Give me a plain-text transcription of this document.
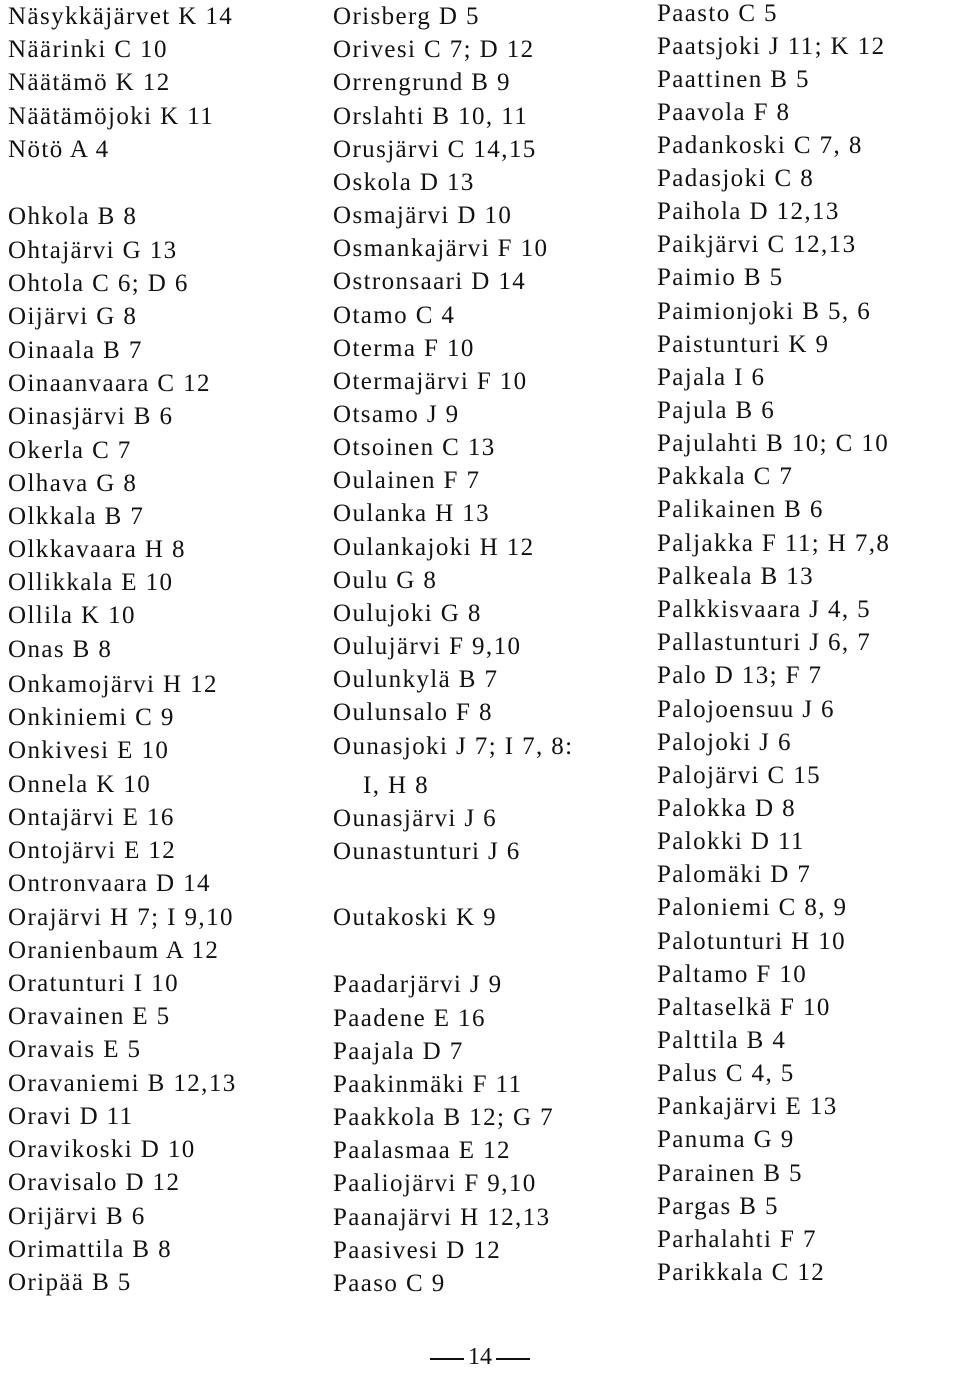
Näsykkäjärvet K 14
Näärinki C 10
Näätämö K 12
Näätämöjoki K 11
Nötö A 4
Ohkola B 8
Ohtajärvi G 13
Ohtola C 6; D 6
Oijärvi G 8
Oinaala B 7
Oinaanvaara C 12
Oinasjärvi B 6
Okerla C 7
Olhava G 8
Olkkala B 7
Olkkavaara H 8
Ollikkala E 10
Ollila K 10
Onas B 8
Onkamojärvi H 12
Onkiniemi C 9
Onkivesi E 10
Onnela K 10
Ontajärvi E 16
Ontojärvi E 12
Ontronvaara D 14
Orajärvi H 7; I 9,10
Oranienbaum A 12
Oratunturi I 10
Oravainen E 5
Oravais E 5
Oravaniemi B 12,13
Oravi D 11
Oravikoski D 10
Oravisalo D 12
Orijärvi B 6
Orimattila B 8
Oripää B 5
Orisberg D 5
Orivesi C 7; D 12
Orrengrund B 9
Orslahti B 10, 11
Orusjärvi C 14,15
Oskola D 13
Osmajärvi D 10
Osmankajärvi F 10
Ostronsaari D 14
Otamo C 4
Oterma F 10
Otermajärvi F 10
Otsamo J 9
Otsoinen C 13
Oulainen F 7
Oulanka H 13
Oulankajoki H 12
Oulu G 8
Oulujoki G 8
Oulujärvi F 9,10
Oulunkylä B 7
Oulunsalo F 8
Ounasjoki J 7; I 7, 8:
I, H 8
Ounasjärvi J 6
Ounastunturi J 6
Outakoski K 9
Paadarjärvi J 9
Paadene E 16
Paajala D 7
Paakinmäki F 11
Paakkola B 12; G 7
Paalasmaa E 12
Paaliojärvi F 9,10
Paanajärvi H 12,13
Paasivesi D 12
Paaso C 9
Paasto C 5
Paatsjoki J 11; K 12
Paattinen B 5
Paavola F 8
Padankoski C 7, 8
Padasjoki C 8
Paihola D 12,13
Paikjärvi C 12,13
Paimio B 5
Paimionjoki B 5, 6
Paistunturi K 9
Pajala I 6
Pajula B 6
Pajulahti B 10; C 10
Pakkala C 7
Palikainen B 6
Paljakka F 11; H 7,8
Palkeala B 13
Palkkisvaara J 4, 5
Pallastunturi J 6, 7
Palo D 13; F 7
Palojoensuu J 6
Palojoki J 6
Palojärvi C 15
Palokka D 8
Palokki D 11
Palomäki D 7
Paloniemi C 8, 9
Palotunturi H 10
Paltamo F 10
Paltaselkä F 10
Palttila B 4
Palus C 4, 5
Pankajärvi E 13
Panuma G 9
Parainen B 5
Pargas B 5
Parhalahti F 7
Parikkala C 12
14
